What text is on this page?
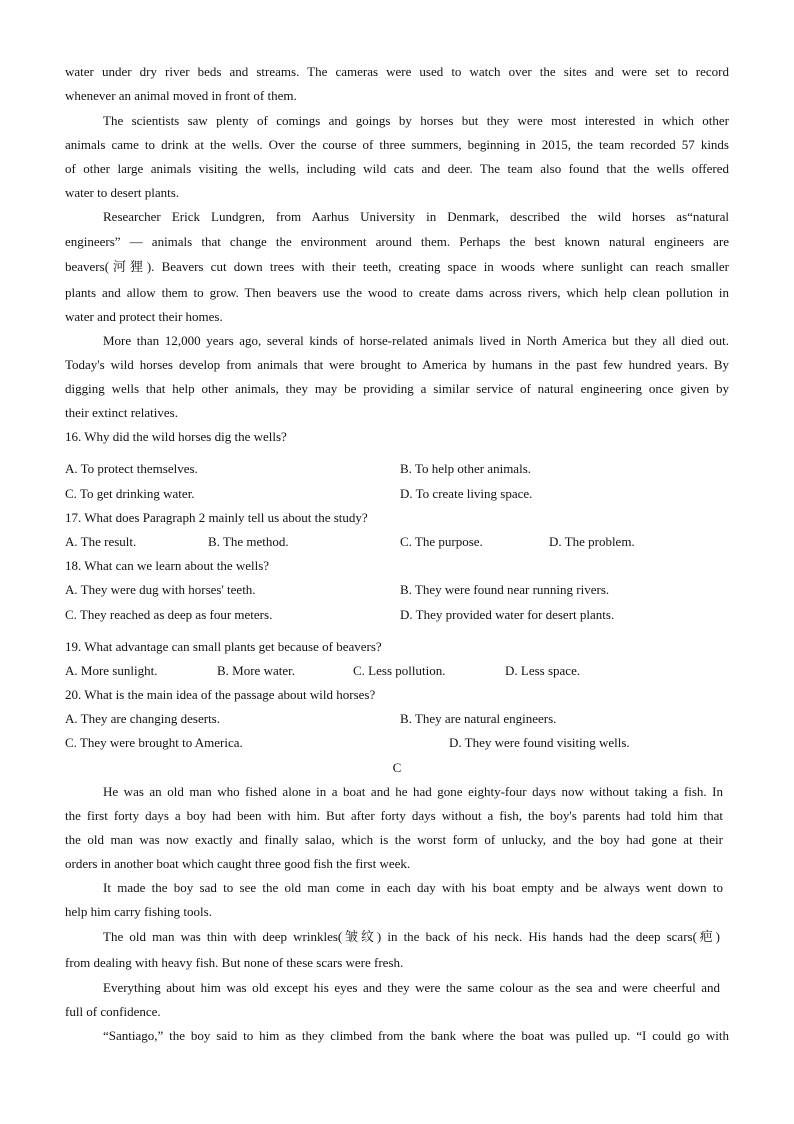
water under dry river beds and streams. The cameras were used to watch over the sites and were set to record
whenever an animal moved in front of them.
The scientists saw plenty of comings and goings by horses but they were most interested in which other
animals came to drink at the wells. Over the course of three summers, beginning in 2015, the team recorded 57 kinds
of other large animals visiting the wells, including wild cats and deer. The team also found that the wells offered
water to desert plants.
Researcher Erick Lundgren, from Aarhus University in Denmark, described the wild horses as“natural
engineers” — animals that change the environment around them. Perhaps the best known natural engineers are
beavers(河狸). Beavers cut down trees with their teeth, creating space in woods where sunlight can reach smaller
plants and allow them to grow. Then beavers use the wood to create dams across rivers, which help clean pollution in
water and protect their homes.
More than 12,000 years ago, several kinds of horse-related animals lived in North America but they all died out.
Today's wild horses develop from animals that were brought to America by humans in the past few hundred years. By
digging wells that help other animals, they may be providing a similar service of natural engineering once given by
their extinct relatives.
16. Why did the wild horses dig the wells?
A. To protect themselves.	B. To help other animals.
C. To get drinking water.	D. To create living space.
17. What does Paragraph 2 mainly tell us about the study?
A. The result.	B. The method.	C. The purpose.	D. The problem.
18. What can we learn about the wells?
A. They were dug with horses' teeth.	B. They were found near running rivers.
C. They reached as deep as four meters.	D. They provided water for desert plants.
19. What advantage can small plants get because of beavers?
A. More sunlight.	B. More water.	C. Less pollution.	D. Less space.
20. What is the main idea of the passage about wild horses?
A. They are changing deserts.	B. They are natural engineers.
C. They were brought to America.	D. They were found visiting wells.
C
He was an old man who fished alone in a boat and he had gone eighty-four days now without taking a fish. In
the first forty days a boy had been with him. But after forty days without a fish, the boy's parents had told him that
the old man was now exactly and finally salao, which is the worst form of unlucky, and the boy had gone at their
orders in another boat which caught three good fish the first week.
It made the boy sad to see the old man come in each day with his boat empty and be always went down to
help him carry fishing tools.
The old man was thin with deep wrinkles(皱纹) in the back of his neck. His hands had the deep scars(疤)
from dealing with heavy fish. But none of these scars were fresh.
Everything about him was old except his eyes and they were the same colour as the sea and were cheerful and
full of confidence.
“Santiago,” the boy said to him as they climbed from the bank where the boat was pulled up. “I could go with
